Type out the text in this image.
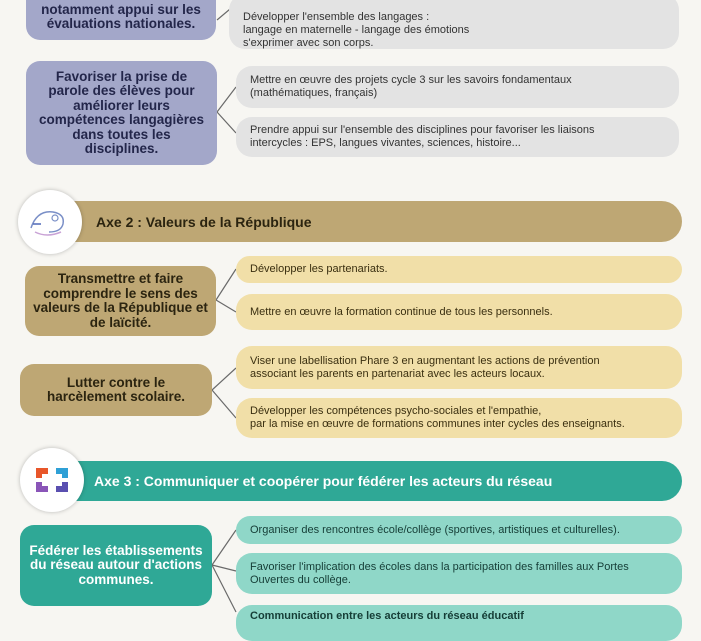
notamment appui sur les évaluations nationales.	Développer l'ensemble des langages :
langage en maternelle - langage des émotions
s'exprimer avec son corps.
Favoriser la prise de parole des élèves pour améliorer leurs compétences langagières dans toutes les disciplines.
Mettre en œuvre des projets cycle 3 sur les savoirs fondamentaux
(mathématiques, français)
Prendre appui sur l'ensemble des disciplines pour favoriser les liaisons
intercycles : EPS, langues vivantes, sciences, histoire...
Axe 2 : Valeurs de la République
Transmettre et faire comprendre le sens des valeurs de la République et de laïcité.
Développer les partenariats.
Mettre en œuvre la formation continue de tous les personnels.
Lutter contre le harcèlement scolaire.
Viser une labellisation Phare 3 en augmentant les actions de prévention
associant les parents en partenariat avec les acteurs locaux.
Développer les compétences psycho-sociales et l'empathie,
par la mise en œuvre de formations communes inter cycles des enseignants.
Axe 3 : Communiquer et coopérer pour fédérer les acteurs du réseau
Fédérer les établissements du réseau autour d'actions communes.
Organiser des rencontres école/collège (sportives, artistiques et culturelles).
Favoriser l'implication des écoles dans la participation des familles aux Portes
Ouvertes du collège.
Communication entre les acteurs du réseau éducatif
